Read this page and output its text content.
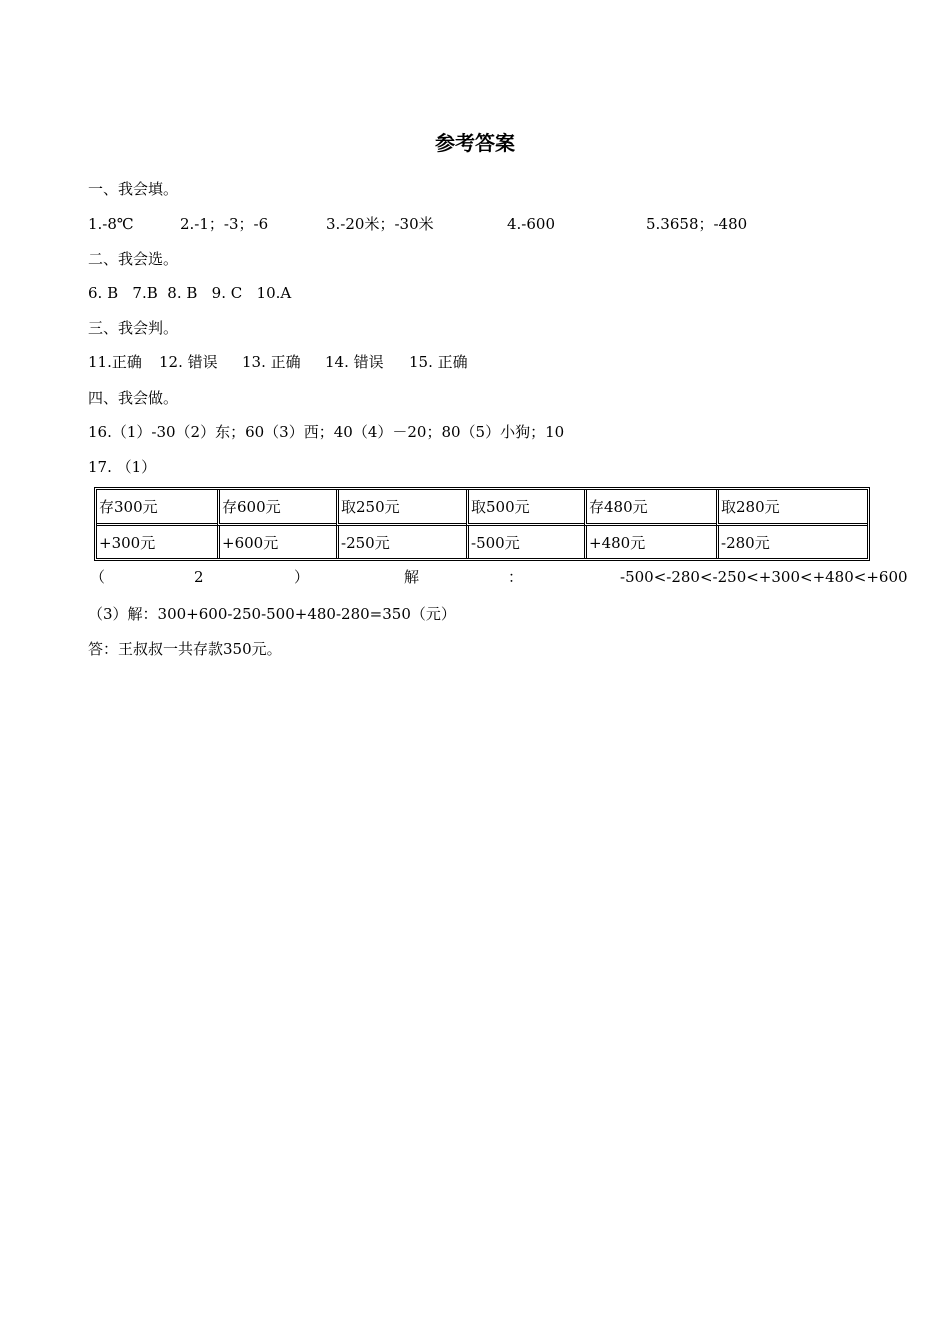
参考答案
一、我会填。
1.-8℃	2.-1；-3；-6	3.-20米；-30米	4.-600	5.3658；-480
二、我会选。
6. B   7.B  8. B   9. C   10.A
三、我会判。
11.正确 12. 错误 13. 正确 14. 错误 15. 正确
四、我会做。
16.（1）-30（2）东；60（3）西；40（4）－20；80（5）小狗；10
17. （1）
存300元	存600元	取250元	取500元	存480元	取280元
+300元	+600元	-250元	-500元	+480元	-280元
（	2	）	解	：	-500<-280<-250<+300<+480<+600
（3）解：300+600-250-500+480-280=350（元）
答：王叔叔一共存款350元。
